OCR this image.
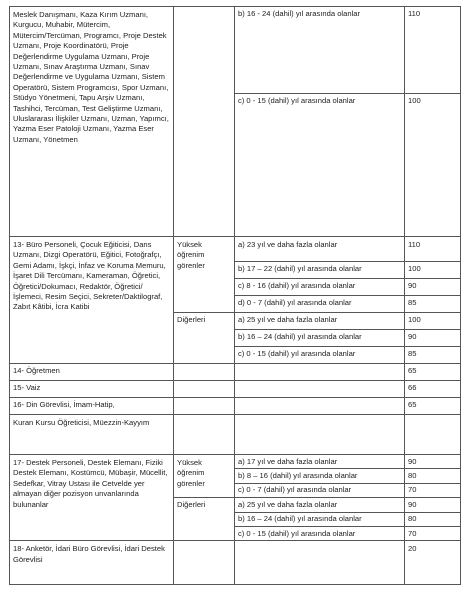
Meslek Danışmanı, Kaza Kırım Uzmanı, Kurgucu, Muhabir, Mütercim, Mütercim/Tercüman, Programcı, Proje Destek Uzmanı, Proje Koordinatörü, Proje Değerlendirme Uygulama Uzmanı, Proje Uzmanı, Sınav Araştırma Uzmanı, Sınav Değerlendirme ve Uygulama Uzmanı, Sistem Operatörü, Sistem Programcısı, Spor Uzmanı, Stüdyo Yönetmeni, Tapu Arşiv Uzmanı, Tashihci, Tercüman, Test Geliştirme Uzmanı, Uluslararası İlişkiler Uzmanı, Uzman, Yapımcı, Yazma Eser Patoloji Uzmanı, Yazma Eser Uzmanı, Yönetmen		b) 16 - 24 (dahil) yıl arasında olanlar	110
		c) 0 - 15 (dahil) yıl arasında olanlar	100
13- Büro Personeli, Çocuk Eğiticisi, Dans Uzmanı, Dizgi Operatörü, Eğitici, Fotoğrafçı, Gemi Adamı, İşkçi, İnfaz ve Koruma Memuru, İşaret Dili Tercümanı, Kameraman, Öğretici, Öğretici/Dokumacı, Redaktör, Öğretici/İşlemeci, Resim Seçici, Sekreter/Daktilograf, Zabıt Kâtibi, İcra Katibi	Yüksek öğrenim görenler	a) 23 yıl ve daha fazla olanlar	110
		b) 17 – 22 (dahil) yıl arasında olanlar	100
		c) 8 - 16 (dahil) yıl arasında olanlar	90
		d) 0 - 7 (dahil) yıl arasında olanlar	85
	Diğerleri	a) 25 yıl ve daha fazla olanlar	100
		b) 16 – 24 (dahil) yıl arasında olanlar	90
		c) 0 - 15 (dahil) yıl arasında olanlar	85
14- Öğretmen			65
15- Vaiz			66
16- Din Görevlisi, İmam-Hatip,			65
Kuran Kursu Öğreticisi, Müezzin-Kayyım			
17- Destek Personeli, Destek Elemanı, Fiziki Destek Elemanı, Kostümcü, Mübaşir, Mücellit, Sedefkar, Vitray Ustası ile Cetvelde yer almayan diğer pozisyon unvanlarında bulunanlar	Yüksek öğrenim görenler	a) 17 yıl ve daha fazla olanlar	90
		b) 8 – 16 (dahil) yıl arasında olanlar	80
		c) 0 - 7 (dahil) yıl arasında olanlar	70
	Diğerleri	a) 25 yıl ve daha fazla olanlar	90
		b) 16 – 24 (dahil) yıl arasında olanlar	80
		c) 0 - 15 (dahil) yıl arasında olanlar	70
18- Anketör, İdari Büro Görevlisi, İdari Destek Görevlisi			20
